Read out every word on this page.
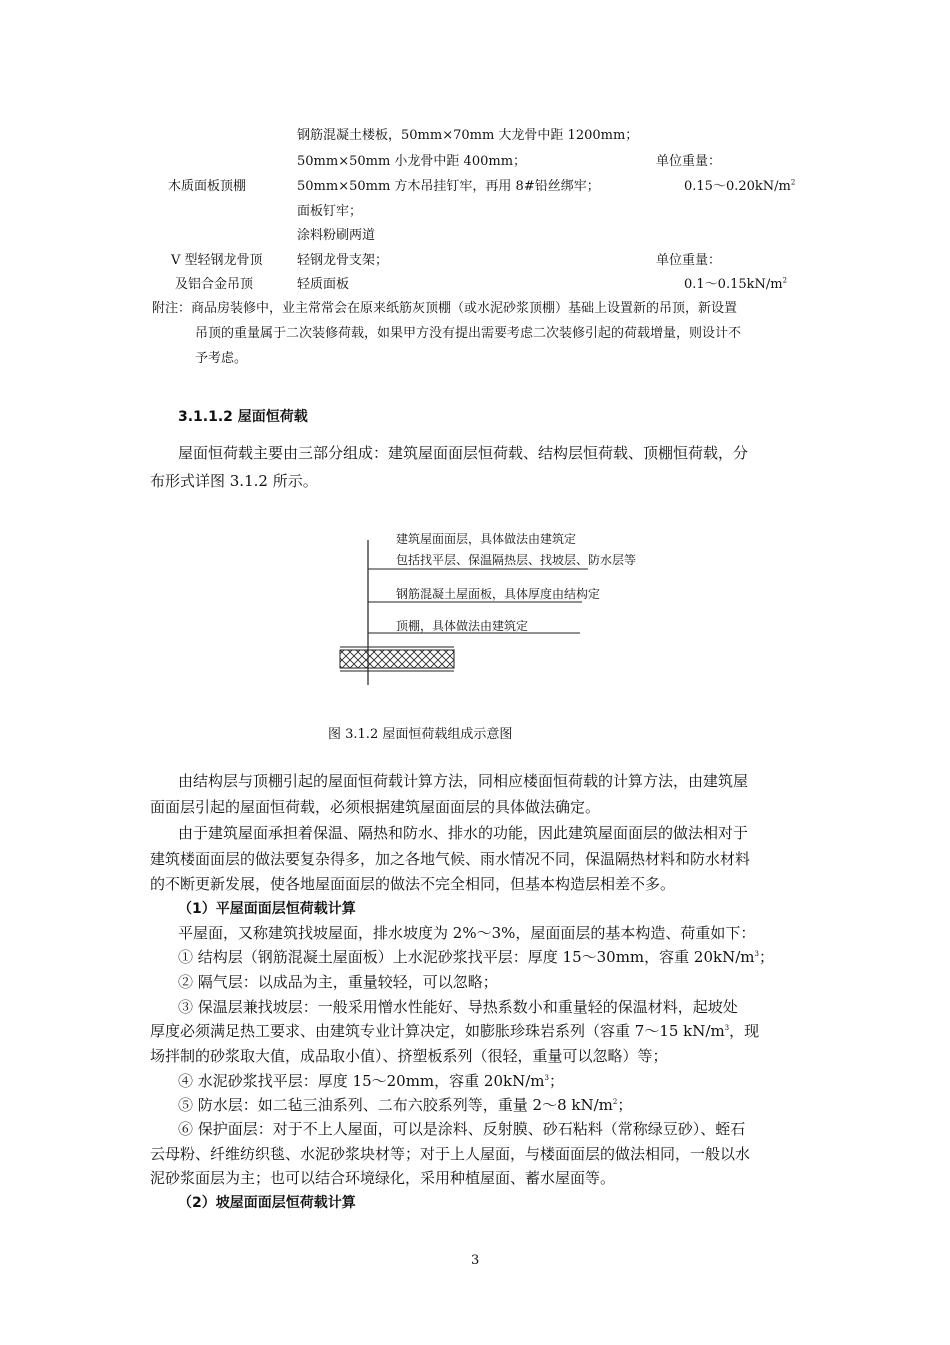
钢筋混凝土楼板，50mm×70mm 大龙骨中距 1200mm；
50mm×50mm 小龙骨中距 400mm；	单位重量：
木质面板顶棚	50mm×50mm 方木吊挂钉牢，再用 8#铅丝绑牢；	$0.15\sim 0.20kN/m^2$
面板钉牢；
涂料粉刷两道
V 型轻钢龙骨顶	轻钢龙骨支架；	单位重量：
及铝合金吊顶	轻质面板	$0.1\sim 0.15kN/m^2$
附注：商品房装修中，业主常常会在原来纸筋灰顶棚（或水泥砂浆顶棚）基础上设置新的吊顶，新设置
吊顶的重量属于二次装修荷载，如果甲方没有提出需要考虑二次装修引起的荷载增量，则设计不
予考虑。
3.1.1.2 屋面恒荷载
屋面恒荷载主要由三部分组成：建筑屋面面层恒荷载、结构层恒荷载、顶棚恒荷载，分
布形式详图 3.1.2 所示。
建筑屋面面层，具体做法由建筑定
包括找平层、保温隔热层、找坡层、防水层等
钢筋混凝土屋面板，具体厚度由结构定
顶棚，具体做法由建筑定
图 3.1.2 屋面恒荷载组成示意图
由结构层与顶棚引起的屋面恒荷载计算方法，同相应楼面恒荷载的计算方法，由建筑屋
面面层引起的屋面恒荷载，必须根据建筑屋面面层的具体做法确定。
由于建筑屋面承担着保温、隔热和防水、排水的功能，因此建筑屋面面层的做法相对于
建筑楼面面层的做法要复杂得多，加之各地气候、雨水情况不同，保温隔热材料和防水材料
的不断更新发展，使各地屋面面层的做法不完全相同，但基本构造层相差不多。
（1）平屋面面层恒荷载计算
平屋面，又称建筑找坡屋面，排水坡度为 2%～3%，屋面面层的基本构造、荷重如下：
① 结构层（钢筋混凝土屋面板）上水泥砂浆找平层：厚度 15～30mm，容重 $20kN/m^3$；
② 隔气层：以成品为主，重量较轻，可以忽略；
③ 保温层兼找坡层：一般采用憎水性能好、导热系数小和重量轻的保温材料，起坡处
厚度必须满足热工要求、由建筑专业计算决定，如膨胀珍珠岩系列（容重 7～15 $kN/m^3$，现
场拌制的砂浆取大值，成品取小值）、挤塑板系列（很轻，重量可以忽略）等；
④ 水泥砂浆找平层：厚度 15～20mm，容重 $20kN/m^3$；
⑤ 防水层：如二毡三油系列、二布六胶系列等，重量 2～8 $kN/m^2$；
⑥ 保护面层：对于不上人屋面，可以是涂料、反射膜、砂石粘料（常称绿豆砂）、蛭石
云母粉、纤维纺织毯、水泥砂浆块材等；对于上人屋面，与楼面面层的做法相同，一般以水
泥砂浆面层为主；也可以结合环境绿化，采用种植屋面、蓄水屋面等。
（2）坡屋面面层恒荷载计算
3
